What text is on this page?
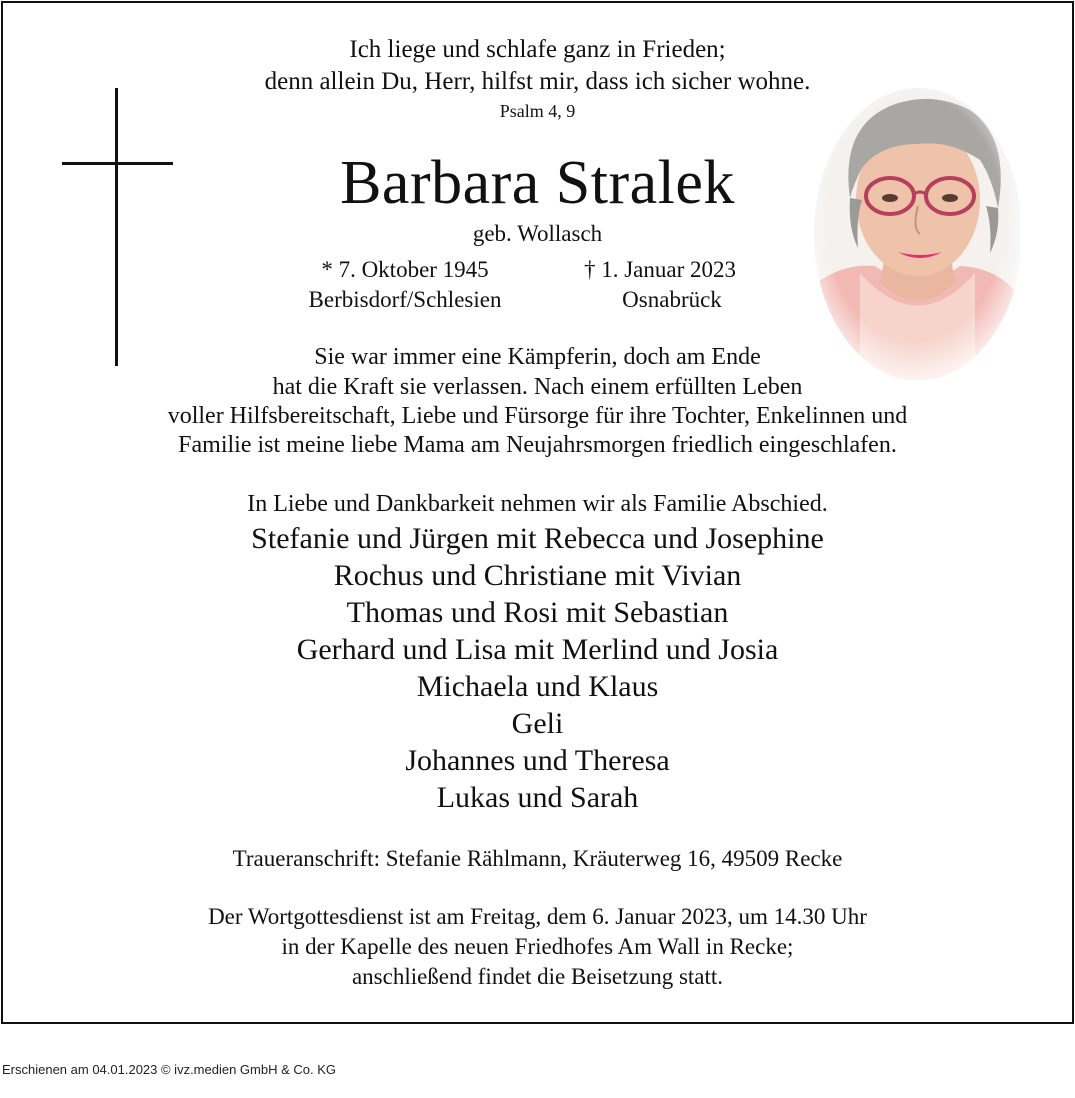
Ich liege und schlafe ganz in Frieden;
denn allein Du, Herr, hilfst mir, dass ich sicher wohne.
Psalm 4, 9
Barbara Stralek
geb. Wollasch
* 7. Oktober 1945
Berbisdorf/Schlesien
† 1. Januar 2023
Osnabrück
Sie war immer eine Kämpferin, doch am Ende
hat die Kraft sie verlassen. Nach einem erfüllten Leben
voller Hilfsbereitschaft, Liebe und Fürsorge für ihre Tochter, Enkelinnen und
Familie ist meine liebe Mama am Neujahrsmorgen friedlich eingeschlafen.
In Liebe und Dankbarkeit nehmen wir als Familie Abschied.
Stefanie und Jürgen mit Rebecca und Josephine
Rochus und Christiane mit Vivian
Thomas und Rosi mit Sebastian
Gerhard und Lisa mit Merlind und Josia
Michaela und Klaus
Geli
Johannes und Theresa
Lukas und Sarah
Traueranschrift: Stefanie Rählmann, Kräuterweg 16, 49509 Recke
Der Wortgottesdienst ist am Freitag, dem 6. Januar 2023, um 14.30 Uhr
in der Kapelle des neuen Friedhofes Am Wall in Recke;
anschließend findet die Beisetzung statt.
Erschienen am 04.01.2023 © ivz.medien GmbH & Co. KG
